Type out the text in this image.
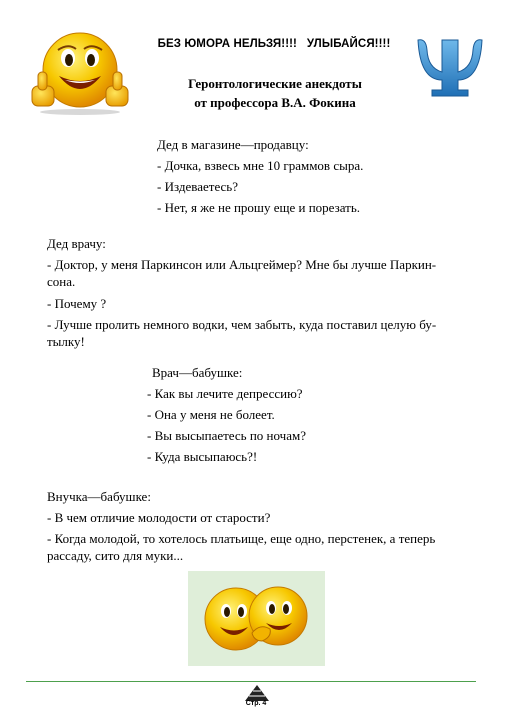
БЕЗ ЮМОРА НЕЛЬЗЯ!!!!   УЛЫБАЙСЯ!!!!
Геронтологические анекдоты
от профессора В.А. Фокина
Дед в магазине—продавцу:
- Дочка, взвесь мне 10 граммов сыра.
- Издеваетесь?
- Нет, я же не прошу еще и порезать.
Дед врачу:
- Доктор, у меня Паркинсон или Альцгеймер? Мне бы лучше Паркин-сона.
- Почему ?
- Лучше пролить немного водки, чем забыть, куда поставил целую бу-тылку!
Врач—бабушке:
- Как вы лечите депрессию?
- Она у меня не болеет.
- Вы высыпаетесь по ночам?
- Куда высыпаюсь?!
Внучка—бабушке:
- В чем отличие молодости от старости?
- Когда молодой, то хотелось платьище, еще одно, перстенек, а теперь рассаду, сито для муки...
Стр. 4
